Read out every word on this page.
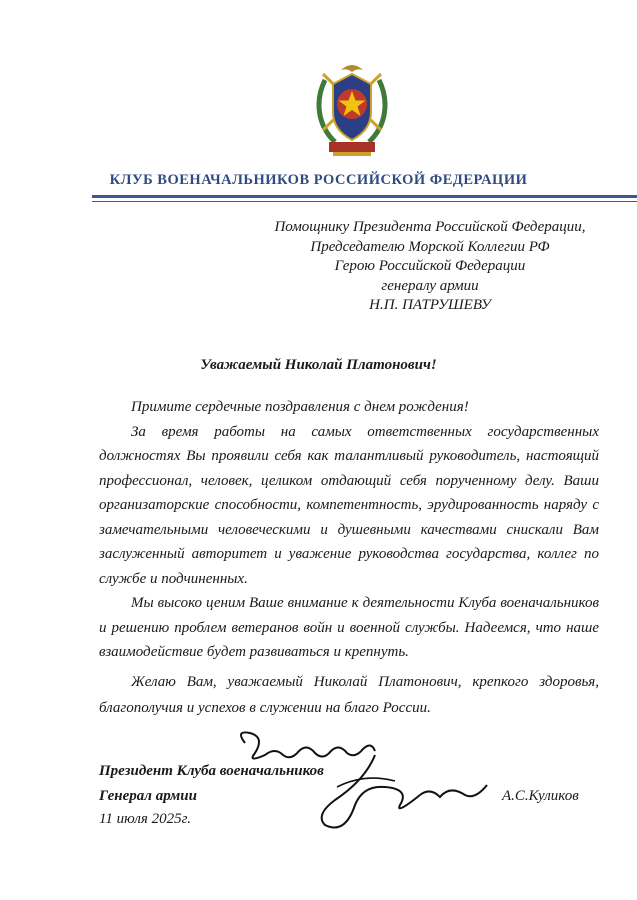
КЛУБ ВОЕНАЧАЛЬНИКОВ РОССИЙСКОЙ ФЕДЕРАЦИИ
Помощнику Президента Российской Федерации,
Председателю Морской Коллегии РФ
Герою Российской Федерации
генералу армии
Н.П. ПАТРУШЕВУ
Уважаемый Николай Платонович!

Примите сердечные поздравления с днем рождения!

За время работы на самых ответственных государственных должностях Вы проявили себя как талантливый руководитель, настоящий профессионал, человек, целиком отдающий себя порученному делу. Ваши организаторские способности, компетентность, эрудированность наряду с замечательными человеческими и душевными качествами снискали Вам заслуженный авторитет и уважение руководства государства, коллег по службе и подчиненных.

Мы высоко ценим Ваше внимание к деятельности Клуба военачальников и решению проблем ветеранов войн и военной службы. Надеемся, что наше взаимодействие будет развиваться и крепнуть.

Желаю Вам, уважаемый Николай Платонович, крепкого здоровья, благополучия и успехов в служении на благо России.

Президент Клуба военачальников
Генерал армии	А.С.Куликов
11 июля 2025г.
